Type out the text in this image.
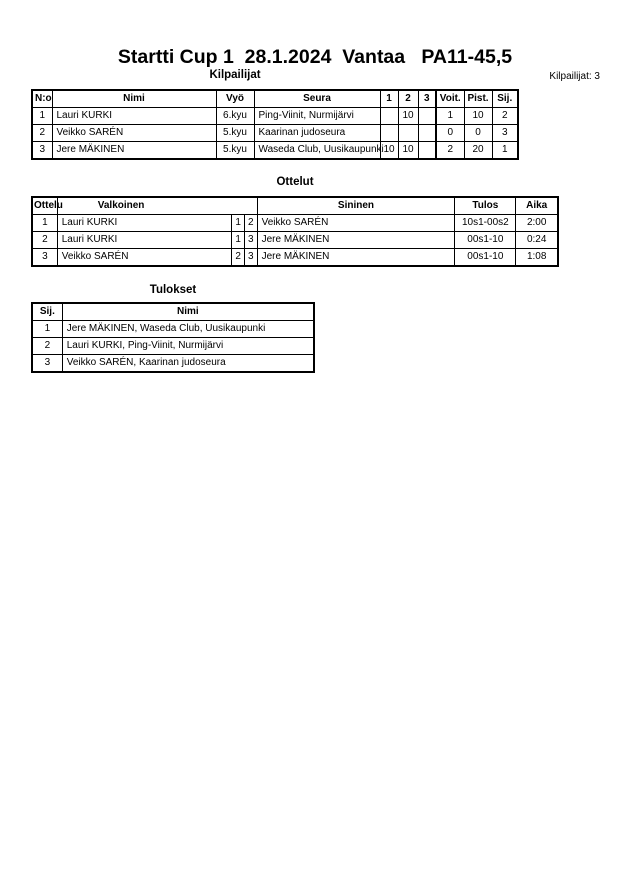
Startti Cup 1  28.1.2024  Vantaa   PA11-45,5
Kilpailijat	Kilpailijat: 3
N:o	Nimi	Vyö	Seura	1	2	3	Voit.	Pist.	Sij.
1	Lauri KURKI	6.kyu	Ping-Viinit, Nurmijärvi		10		1	10	2
2	Veikko SARÉN	5.kyu	Kaarinan judoseura				0	0	3
3	Jere MÄKINEN	5.kyu	Waseda Club, Uusikaupunki	10	10		2	20	1
Ottelut
Ottelu	Valkoinen			Sininen	Tulos	Aika
1	Lauri KURKI	1	2	Veikko SARÉN	10s1-00s2	2:00
2	Lauri KURKI	1	3	Jere MÄKINEN	00s1-10	0:24
3	Veikko SARÉN	2	3	Jere MÄKINEN	00s1-10	1:08
Tulokset
Sij.	Nimi
1	Jere MÄKINEN, Waseda Club, Uusikaupunki
2	Lauri KURKI, Ping-Viinit, Nurmijärvi
3	Veikko SARÉN, Kaarinan judoseura
